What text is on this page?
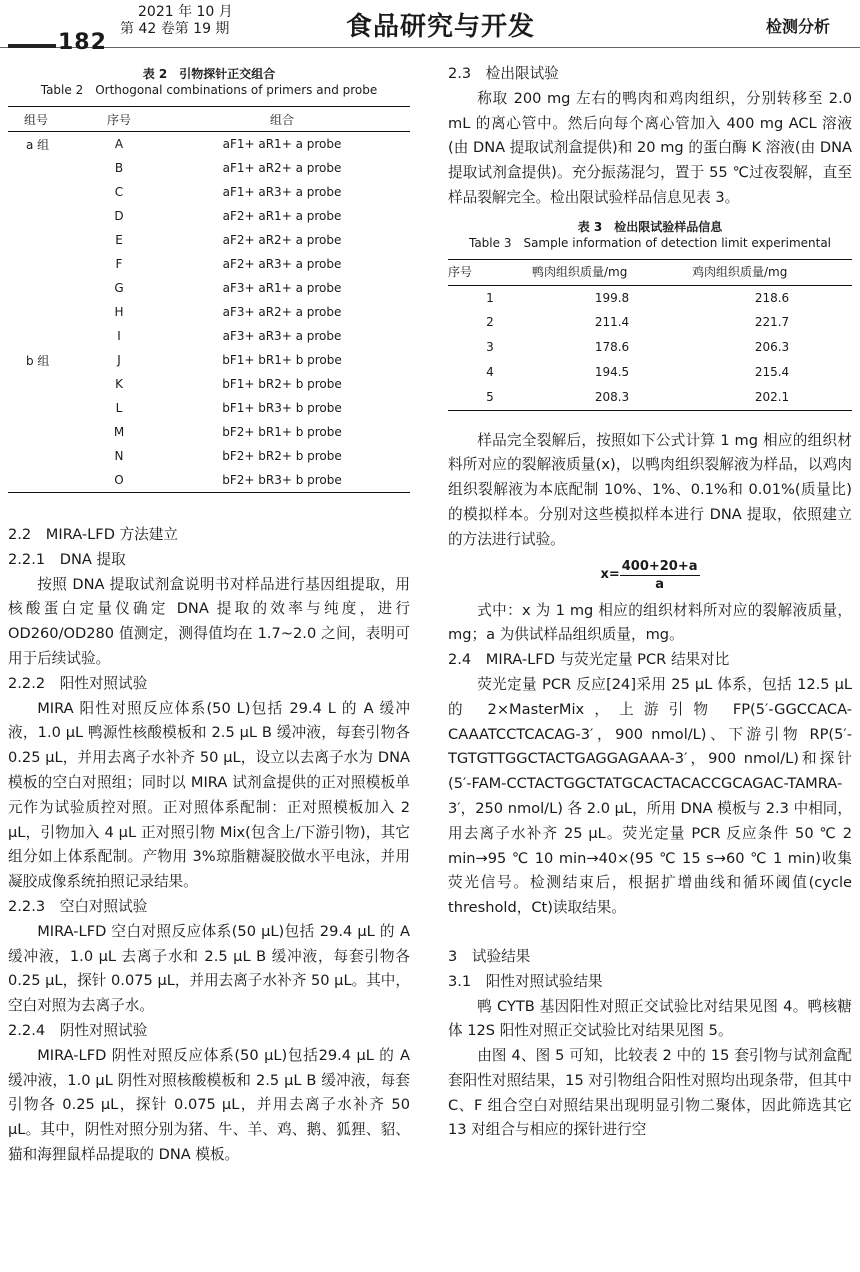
182
2021 年 10 月
第 42 卷第 19 期	食品研究与开发	检测分析
表 2　引物探针正交组合
Table 2　Orthogonal combinations of primers and probe
组号	序号	组合
a 组	A	aF1+ aR1+ a probe
	B	aF1+ aR2+ a probe
	C	aF1+ aR3+ a probe
	D	aF2+ aR1+ a probe
	E	aF2+ aR2+ a probe
	F	aF2+ aR3+ a probe
	G	aF3+ aR1+ a probe
	H	aF3+ aR2+ a probe
	I	aF3+ aR3+ a probe
b 组	J	bF1+ bR1+ b probe
	K	bF1+ bR2+ b probe
	L	bF1+ bR3+ b probe
	M	bF2+ bR1+ b probe
	N	bF2+ bR2+ b probe
	O	bF2+ bR3+ b probe

2.2　MIRA-LFD 方法建立

2.2.1　DNA 提取

按照 DNA 提取试剂盒说明书对样品进行基因组提取，用核酸蛋白定量仪确定 DNA 提取的效率与纯度，进行 OD260/OD280 值测定，测得值均在 1.7~2.0 之间，表明可用于后续试验。

2.2.2　阳性对照试验

MIRA 阳性对照反应体系(50 L)包括 29.4 L 的 A 缓冲液，1.0 μL 鸭源性核酸模板和 2.5 μL B 缓冲液，每套引物各 0.25 μL，并用去离子水补齐 50 μL，设立以去离子水为 DNA 模板的空白对照组；同时以 MIRA 试剂盒提供的正对照模板单元作为试验质控对照。正对照体系配制：正对照模板加入 2 μL，引物加入 4 μL 正对照引物 Mix(包含上/下游引物)，其它组分如上体系配制。产物用 3%琼脂糖凝胶做水平电泳，并用凝胶成像系统拍照记录结果。

2.2.3　空白对照试验

MIRA-LFD 空白对照反应体系(50 μL)包括 29.4 μL 的 A 缓冲液，1.0 μL 去离子水和 2.5 μL B 缓冲液，每套引物各 0.25 μL，探针 0.075 μL，并用去离子水补齐 50 μL。其中，空白对照为去离子水。

2.2.4　阴性对照试验

MIRA-LFD 阴性对照反应体系(50 μL)包括29.4 μL 的 A 缓冲液，1.0 μL 阴性对照核酸模板和 2.5 μL B 缓冲液，每套引物各 0.25 μL，探针 0.075 μL，并用去离子水补齐 50 μL。其中，阴性对照分别为猪、牛、羊、鸡、鹅、狐狸、貂、猫和海狸鼠样品提取的 DNA 模板。

2.3　检出限试验

称取 200 mg 左右的鸭肉和鸡肉组织，分别转移至 2.0 mL 的离心管中。然后向每个离心管加入 400 mg ACL 溶液(由 DNA 提取试剂盒提供)和 20 mg 的蛋白酶 K 溶液(由 DNA 提取试剂盒提供)。充分振荡混匀，置于 55 ℃过夜裂解，直至样品裂解完全。检出限试验样品信息见表 3。

表 3　检出限试验样品信息
Table 3　Sample information of detection limit experimental
序号	鸭肉组织质量/mg	鸡肉组织质量/mg
1	199.8	218.6
2	211.4	221.7
3	178.6	206.3
4	194.5	215.4
5	208.3	202.1

样品完全裂解后，按照如下公式计算 1 mg 相应的组织材料所对应的裂解液质量(x)，以鸭肉组织裂解液为样品，以鸡肉组织裂解液为本底配制 10%、1%、0.1%和 0.01%(质量比)的模拟样本。分别对这些模拟样本进行 DNA 提取，依照建立的方法进行试验。

$x= \frac{400+20+a}{a}$

式中：x 为 1 mg 相应的组织材料所对应的裂解液质量，mg；a 为供试样品组织质量，mg。

2.4　MIRA-LFD 与荧光定量 PCR 结果对比

荧光定量 PCR 反应[24]采用 25 μL 体系，包括 12.5 μL的 2×MasterMix，上游引物 FP(5′-GGCCACA-CAAATCCTCACAG-3′，900 nmol/L)、下游引物 RP(5′-TGTGTTGGCTACTGAGGAGAAA-3′，900 nmol/L)和探针(5′-FAM-CCTACTGGCTATGCACTACACCGCAGAC-TAMRA-3′，250 nmol/L) 各 2.0 μL，所用 DNA 模板与 2.3 中相同，用去离子水补齐 25 μL。荧光定量 PCR 反应条件 50 ℃ 2 min→95 ℃ 10 min→40×(95 ℃ 15 s→60 ℃ 1 min)收集荧光信号。检测结束后，根据扩增曲线和循环阈值(cycle threshold，Ct)读取结果。

3　试验结果

3.1　阳性对照试验结果

鸭 CYTB 基因阳性对照正交试验比对结果见图 4。鸭核糖体 12S 阳性对照正交试验比对结果见图 5。

由图 4、图 5 可知，比较表 2 中的 15 套引物与试剂盒配套阳性对照结果，15 对引物组合阳性对照均出现条带，但其中 C、F 组合空白对照结果出现明显引物二聚体，因此筛选其它 13 对组合与相应的探针进行空
